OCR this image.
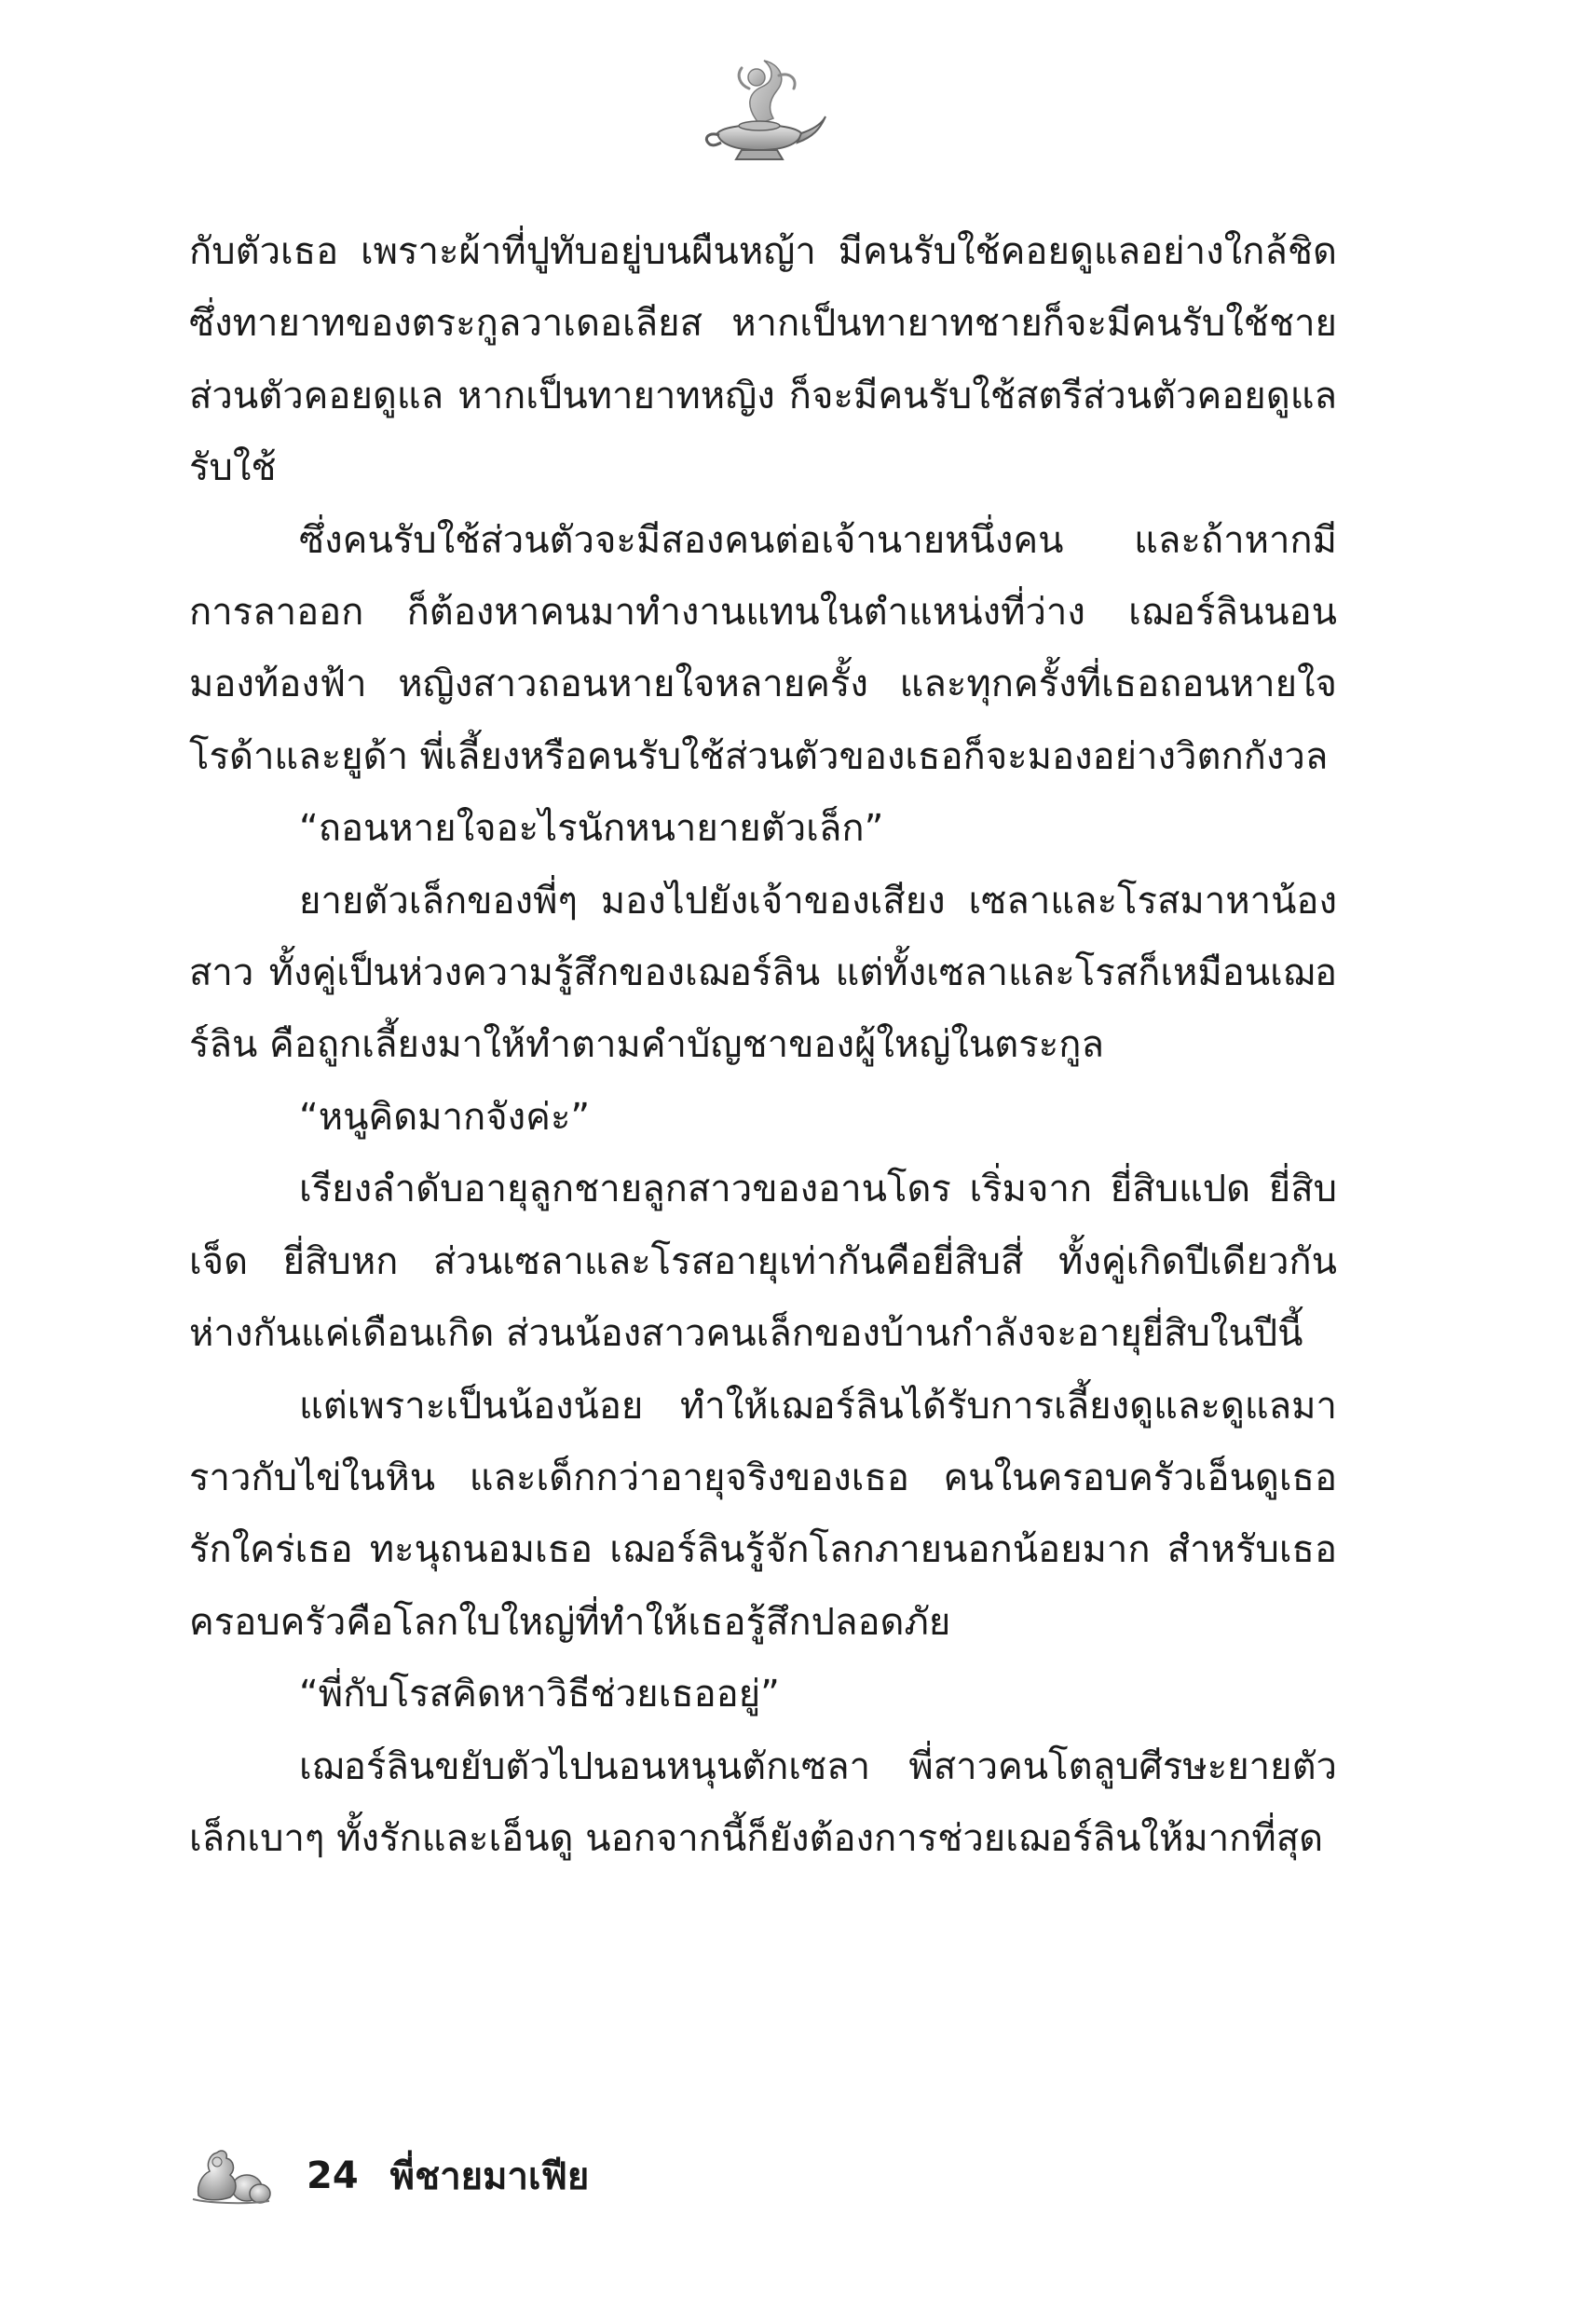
กับตัวเธอ เพราะผ้าที่ปูทับอยู่บนผืนหญ้า มีคนรับใช้คอยดูแลอย่างใกล้ชิด ซึ่งทายาทของตระกูลวาเดอเลียส หากเป็นทายาทชายก็จะมีคนรับใช้ชายส่วนตัวคอยดูแล หากเป็นทายาทหญิง ก็จะมีคนรับใช้สตรีส่วนตัวคอยดูแลรับใช้

ซึ่งคนรับใช้ส่วนตัวจะมีสองคนต่อเจ้านายหนึ่งคน และถ้าหากมีการลาออก ก็ต้องหาคนมาทำงานแทนในตำแหน่งที่ว่าง เฌอร์ลินนอนมองท้องฟ้า หญิงสาวถอนหายใจหลายครั้ง และทุกครั้งที่เธอถอนหายใจ โรด้าและยูด้า พี่เลี้ยงหรือคนรับใช้ส่วนตัวของเธอก็จะมองอย่างวิตกกังวล

“ถอนหายใจอะไรนักหนายายตัวเล็ก”

ยายตัวเล็กของพี่ๆ มองไปยังเจ้าของเสียง เซลาและโรสมาหาน้องสาว ทั้งคู่เป็นห่วงความรู้สึกของเฌอร์ลิน แต่ทั้งเซลาและโรสก็เหมือนเฌอร์ลิน คือถูกเลี้ยงมาให้ทำตามคำบัญชาของผู้ใหญ่ในตระกูล

“หนูคิดมากจังค่ะ”

เรียงลำดับอายุลูกชายลูกสาวของอานโดร เริ่มจาก ยี่สิบแปด ยี่สิบเจ็ด ยี่สิบหก ส่วนเซลาและโรสอายุเท่ากันคือยี่สิบสี่ ทั้งคู่เกิดปีเดียวกัน ห่างกันแค่เดือนเกิด ส่วนน้องสาวคนเล็กของบ้านกำลังจะอายุยี่สิบในปีนี้

แต่เพราะเป็นน้องน้อย ทำให้เฌอร์ลินได้รับการเลี้ยงดูและดูแลมาราวกับไข่ในหิน และเด็กกว่าอายุจริงของเธอ คนในครอบครัวเอ็นดูเธอ รักใคร่เธอ ทะนุถนอมเธอ เฌอร์ลินรู้จักโลกภายนอกน้อยมาก สำหรับเธอ ครอบครัวคือโลกใบใหญ่ที่ทำให้เธอรู้สึกปลอดภัย

“พี่กับโรสคิดหาวิธีช่วยเธออยู่”

เฌอร์ลินขยับตัวไปนอนหนุนตักเซลา พี่สาวคนโตลูบศีรษะยายตัวเล็กเบาๆ ทั้งรักและเอ็นดู นอกจากนี้ก็ยังต้องการช่วยเฌอร์ลินให้มากที่สุด

24 พี่ชายมาเฟีย
